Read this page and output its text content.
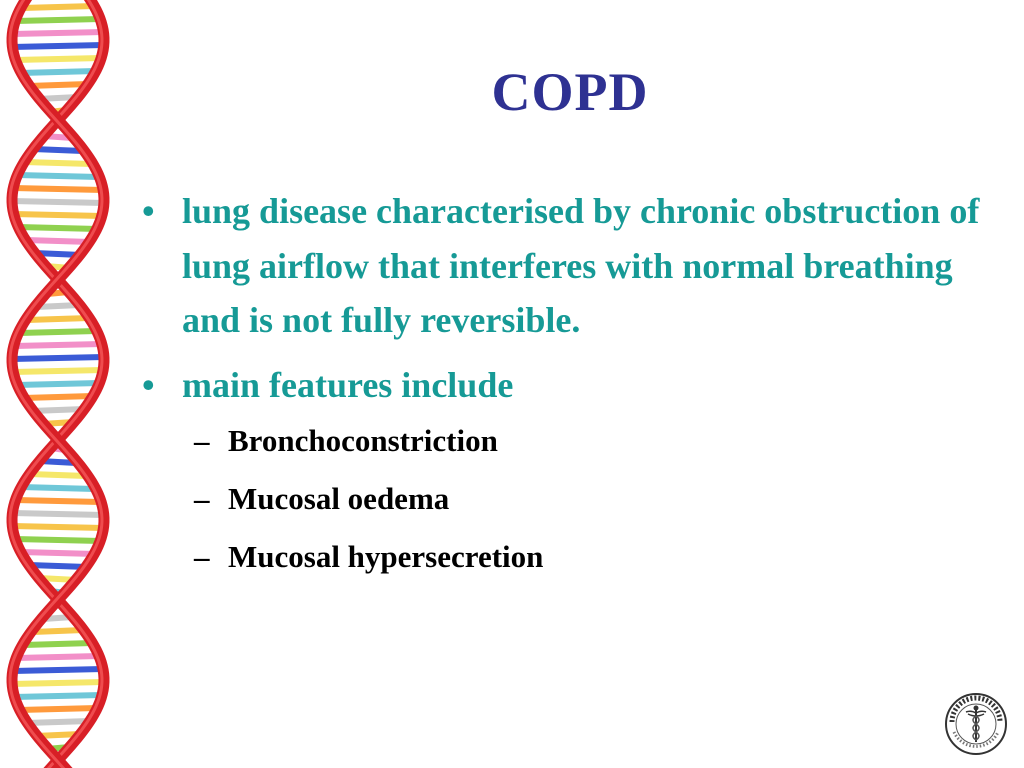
COPD
• lung disease characterised by chronic obstruction of lung airflow that interferes with normal breathing and is not fully reversible.
• main features include
– Bronchoconstriction
– Mucosal oedema
– Mucosal hypersecretion
